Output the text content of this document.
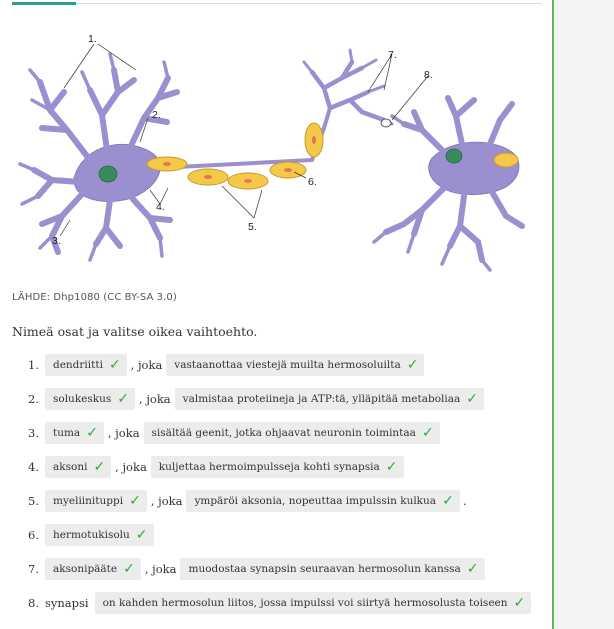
1.
2.
3.
4.
5.
6.
7.
8.
LÄHDE: Dhp1080 (CC BY-SA 3.0)
Nimeä osat ja valitse oikea vaihtoehto.
1. dendriitti ✓ , joka vastaanottaa viestejä muilta hermosoluilta ✓
2. solukeskus ✓ , joka valmistaa proteiineja ja ATP:tä, ylläpitää metaboliaa ✓
3. tuma ✓ , joka sisältää geenit, jotka ohjaavat neuronin toimintaa ✓
4. aksoni ✓ , joka kuljettaa hermoimpulsseja kohti synapsia ✓
5. myeliinituppi ✓ , joka ympäröi aksonia, nopeuttaa impulssin kulkua ✓ .
6. hermotukisolu ✓
7. aksonipääte ✓ , joka muodostaa synapsin seuraavan hermosolun kanssa ✓
8. synapsi on kahden hermosolun liitos, jossa impulssi voi siirtyä hermosolusta toiseen ✓
